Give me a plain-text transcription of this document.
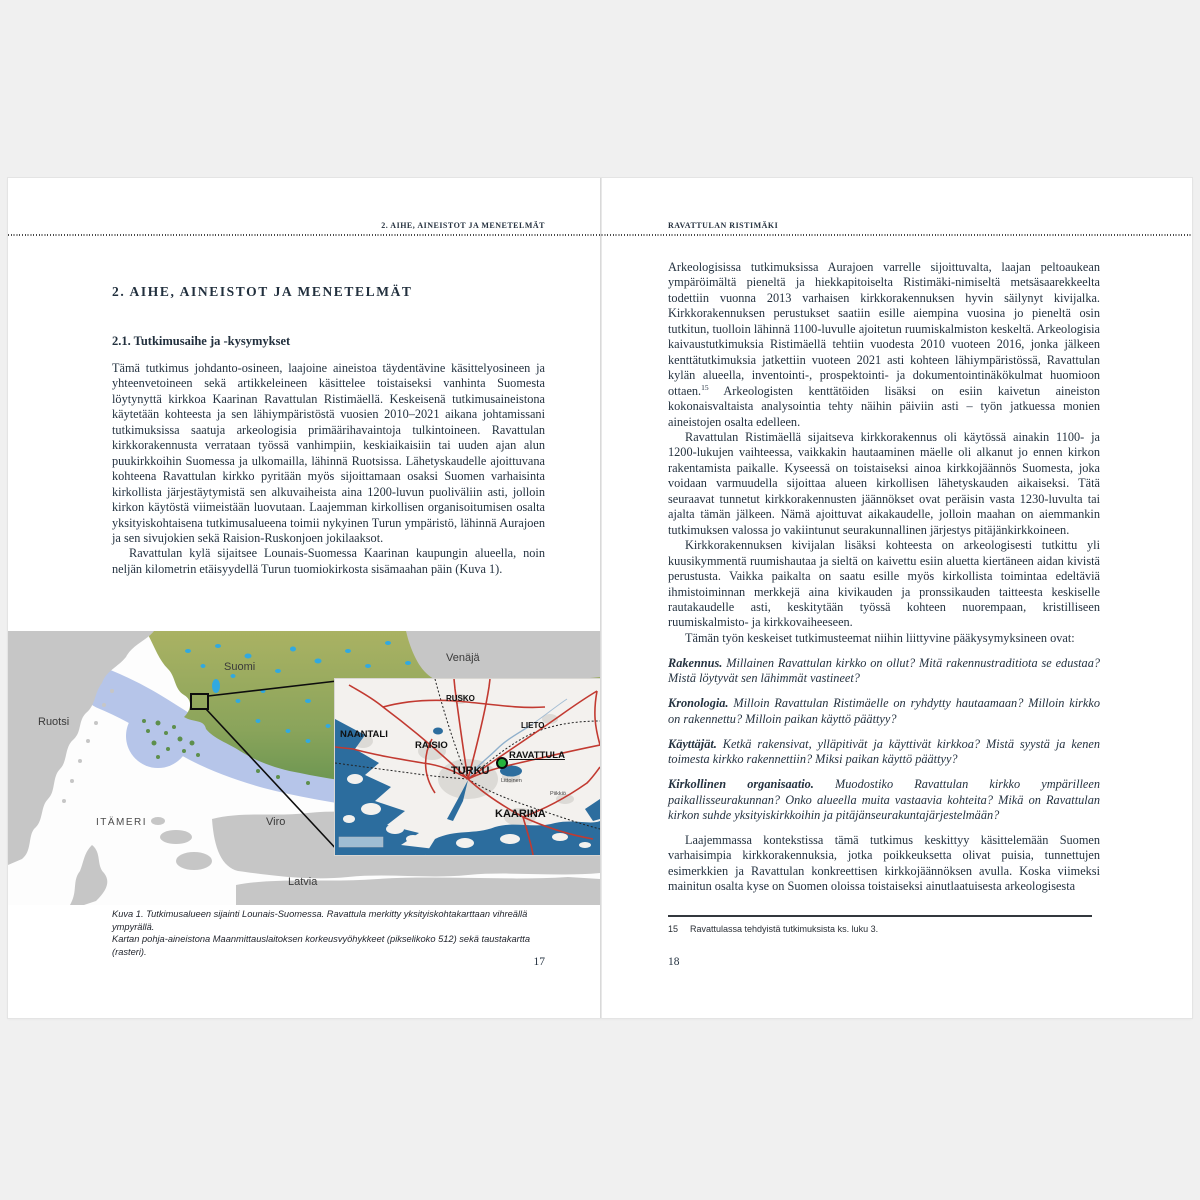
2. AIHE, AINEISTOT JA MENETELMÄT
2. AIHE, AINEISTOT JA MENETELMÄT
2.1. Tutkimusaihe ja -kysymykset

Tämä tutkimus johdanto-osineen, laajoine aineistoa täydentävine käsittelyosineen ja yhteenvetoineen sekä artikkeleineen käsittelee toistaiseksi vanhinta Suomesta löytynyttä kirkkoa Kaarinan Ravattulan Ristimäellä. Keskeisenä tutkimusaineistona käytetään kohteesta ja sen lähiympäristöstä vuosien 2010–2021 aikana johtamissani tutkimuksissa saatuja arkeologisia primäärihavaintoja tulkintoineen. Ravattulan kirkkorakennusta verrataan työssä vanhimpiin, keskiaikaisiin tai uuden ajan alun puukirkkoihin Suomessa ja ulkomailla, lähinnä Ruotsissa. Lähetyskaudelle ajoittuvana kohteena Ravattulan kirkko pyritään myös sijoittamaan osaksi Suomen varhaisinta kirkollista järjestäytymistä sen alkuvaiheista aina 1200-luvun puoliväliin asti, jolloin kirkon käytöstä viimeistään luovutaan. Laajemman kirkollisen organisoitumisen osalta yksityiskohtaisena tutkimusalueena toimii nykyinen Turun ympäristö, lähinnä Aurajoen ja sen sivujokien sekä Raision-Ruskonjoen jokilaaksot.

Ravattulan kylä sijaitsee Lounais-Suomessa Kaarinan kaupungin alueella, noin neljän kilometrin etäisyydellä Turun tuomiokirkosta sisämaahan päin (Kuva 1).

Ruotsi
Suomi
Venäjä
ITÄMERI	Viro
Latvia
NAANTALI
RAISIO
RUSKO
LIETO
TURKU
RAVATTULA
KAARINA
Littoinen
Piikkiö
Kuva 1. Tutkimusalueen sijainti Lounais-Suomessa. Ravattula merkitty yksityiskohtakarttaan vihreällä ympyrällä.
Kartan pohja-aineistona Maanmittauslaitoksen korkeusvyöhykkeet (pikselikoko 512) sekä taustakartta (rasteri).
17
RAVATTULAN RISTIMÄKI

Arkeologisissa tutkimuksissa Aurajoen varrelle sijoittuvalta, laajan peltoaukean ympäröimältä pieneltä ja hiekkapitoiselta Ristimäki-nimiseltä metsäsaarekkeelta todettiin vuonna 2013 varhaisen kirkkorakennuksen hyvin säilynyt kivijalka. Kirkkorakennuksen perustukset saatiin esille aiempina vuosina jo pieneltä osin tutkitun, tuolloin lähinnä 1100-luvulle ajoitetun ruumiskalmiston keskeltä. Arkeologisia kaivaustutkimuksia Ristimäellä tehtiin vuodesta 2010 vuoteen 2016, jonka jälkeen kenttätutkimuksia jatkettiin vuoteen 2021 asti kohteen lähiympäristössä, Ravattulan kylän alueella, inventointi-, prospektointi- ja dokumentointinäkökulmat huomioon ottaen.$^{15}$ Arkeologisten kenttätöiden lisäksi on esiin kaivetun aineiston kokonaisvaltaista analysointia tehty näihin päiviin asti – työn jatkuessa monien aineistojen osalta edelleen.

Ravattulan Ristimäellä sijaitseva kirkkorakennus oli käytössä ainakin 1100- ja 1200-lukujen vaihteessa, vaikkakin hautaaminen mäelle oli alkanut jo ennen kirkon rakentamista paikalle. Kyseessä on toistaiseksi ainoa kirkkojäännös Suomesta, joka voidaan varmuudella sijoittaa alueen kirkollisen lähetyskauden aikaiseksi. Tätä seuraavat tunnetut kirkkorakennusten jäännökset ovat peräisin vasta 1230-luvulta tai ajalta tämän jälkeen. Nämä ajoittuvat aikakaudelle, jolloin maahan on aiemmankin tutkimuksen valossa jo vakiintunut seurakunnallinen järjestys pitäjänkirkkoineen.

Kirkkorakennuksen kivijalan lisäksi kohteesta on arkeologisesti tutkittu yli kuusikymmentä ruumishautaa ja sieltä on kaivettu esiin aluetta kiertäneen aidan kivistä perustusta. Vaikka paikalta on saatu esille myös kirkollista toimintaa edeltäviä ihmistoiminnan merkkejä aina kivikauden ja pronssikauden taitteesta keskiselle rautakaudelle asti, keskitytään työssä kohteen nuorempaan, kristilliseen ruumiskalmisto- ja kirkkovaiheeseen.

Tämän työn keskeiset tutkimusteemat niihin liittyvine pääkysymyksineen ovat:

Rakennus. Millainen Ravattulan kirkko on ollut? Mitä rakennustraditiota se edustaa? Mistä löytyvät sen lähimmät vastineet?

Kronologia. Milloin Ravattulan Ristimäelle on ryhdytty hautaamaan? Milloin kirkko on rakennettu? Milloin paikan käyttö päättyy?

Käyttäjät. Ketkä rakensivat, ylläpitivät ja käyttivät kirkkoa? Mistä syystä ja kenen toimesta kirkko rakennettiin? Miksi paikan käyttö päättyy?

Kirkollinen organisaatio. Muodostiko Ravattulan kirkko ympärilleen paikallisseurakunnan? Onko alueella muita vastaavia kohteita? Mikä on Ravattulan kirkon suhde yksityiskirkkoihin ja pitäjänseurakuntajärjestelmään?

Laajemmassa kontekstissa tämä tutkimus keskittyy käsittelemään Suomen varhaisimpia kirkkorakennuksia, jotka poikkeuksetta olivat puisia, tunnettujen esimerkkien ja Ravattulan konkreettisen kirkkojäännöksen avulla. Koska viimeksi mainitun osalta kyse on Suomen oloissa toistaiseksi ainutlaatuisesta arkeologisesta

15 Ravattulassa tehdyistä tutkimuksista ks. luku 3.
18
